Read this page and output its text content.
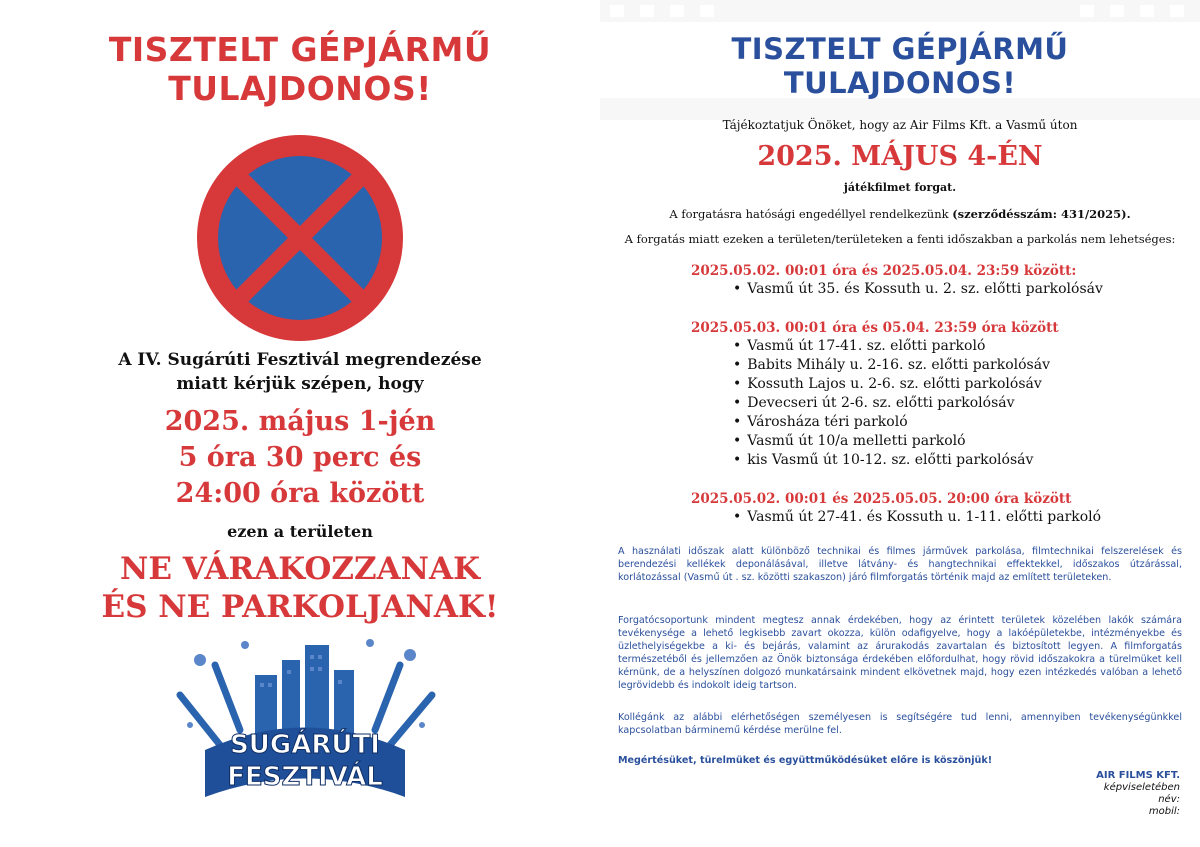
TISZTELT GÉPJÁRMŰ
TULAJDONOS!
A IV. Sugárúti Fesztivál megrendezése
miatt kérjük szépen, hogy
2025. május 1-jén
5 óra 30 perc és
24:00 óra között
ezen a területen
NE VÁRAKOZZANAK
ÉS NE PARKOLJANAK!
SUGÁRÚTI
FESZTIVÁL
TISZTELT GÉPJÁRMŰ
TULAJDONOS!
Tájékoztatjuk Önöket, hogy az Air Films Kft. a Vasmű úton
2025. MÁJUS 4-ÉN
játékfilmet forgat.
A forgatásra hatósági engedéllyel rendelkezünk (szerződésszám: 431/2025).
A forgatás miatt ezeken a területen/területeken a fenti időszakban a parkolás nem lehetséges:
2025.05.02. 00:01 óra és 2025.05.04. 23:59 között:
• Vasmű út 35. és Kossuth u. 2. sz. előtti parkolósáv
2025.05.03. 00:01 óra és 05.04. 23:59 óra között
• Vasmű út 17-41. sz. előtti parkoló
• Babits Mihály u. 2-16. sz. előtti parkolósáv
• Kossuth Lajos u. 2-6. sz. előtti parkolósáv
• Devecseri út 2-6. sz. előtti parkolósáv
• Városháza téri parkoló
• Vasmű út 10/a melletti parkoló
• kis Vasmű út 10-12. sz. előtti parkolósáv
2025.05.02. 00:01 és 2025.05.05. 20:00 óra között
• Vasmű út 27-41. és Kossuth u. 1-11. előtti parkoló
A használati időszak alatt különböző technikai és filmes járművek parkolása, filmtechnikai felszerelések és berendezési kellékek deponálásával, illetve látvány- és hangtechnikai effektekkel, időszakos útzárással, korlátozással (Vasmű út . sz. közötti szakaszon) járó filmforgatás történik majd az említett területeken.
Forgatócsoportunk mindent megtesz annak érdekében, hogy az érintett területek közelében lakók számára tevékenysége a lehető legkisebb zavart okozza, külön odafigyelve, hogy a lakóépületekbe, intézményekbe és üzlethelyiségekbe a ki- és bejárás, valamint az árurakodás zavartalan és biztosított legyen. A filmforgatás természetéből és jellemzően az Önök biztonsága érdekében előfordulhat, hogy rövid időszakokra a türelmüket kell kérnünk, de a helyszínen dolgozó munkatársaink mindent elkövetnek majd, hogy ezen intézkedés valóban a lehető legrövidebb és indokolt ideig tartson.
Kollégánk az alábbi elérhetőségen személyesen is segítségére tud lenni, amennyiben tevékenységünkkel kapcsolatban bárminemű kérdése merülne fel.
Megértésüket, türelmüket és együttműködésüket előre is köszönjük!
AIR FILMS KFT.
képviseletében
név:
mobil:
